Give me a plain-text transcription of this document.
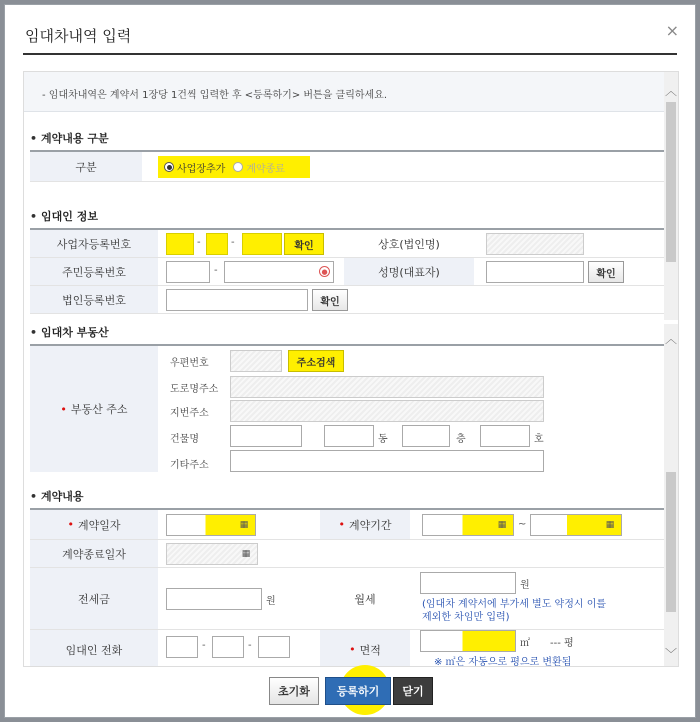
임대차내역 입력	×
- 임대차내역은 계약서 1장당 1건씩 입력한 후 <등록하기> 버튼을 클릭하세요.	︿
• 계약내용 구분
구분	사업장추가 계약종료
• 임대인 정보
사업자등록번호	-	-	확인	상호(법인명)
주민등록번호	-	●	성명(대표자)	확인
법인등록번호	확인
︿
﹀
• 임대차 부동산
• 부동산 주소
우편번호	주소검색
도로명주소
지번주소
건물명	동	층	호
기타주소
• 계약내용
• 계약일자	▦	• 계약기간	▦ ~	▦
계약종료일자	▦
전세금	원	월세
원
(임대차 계약서에 부가세 별도 약정시 이를 제외한 차임만 입력)
임대인 전화	-	-	• 면적	㎡ --- 평
※ ㎡은 자동으로 평으로 변환됨
초기화	등록하기	닫기
